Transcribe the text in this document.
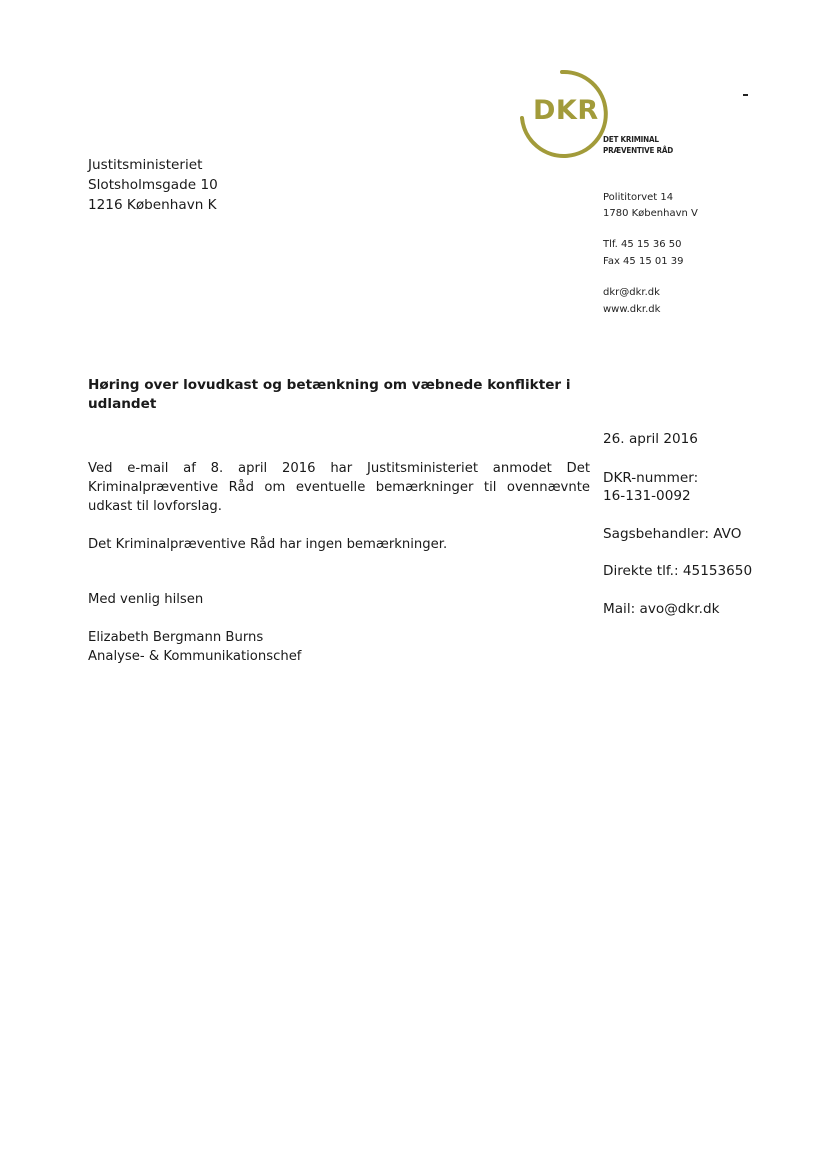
DKR
DET KRIMINAL
PRÆVENTIVE RÅD
Polititorvet 14
1780 København V
Tlf. 45 15 36 50
Fax 45 15 01 39
dkr@dkr.dk
www.dkr.dk
Justitsministeriet
Slotsholmsgade 10
1216 København K
Høring over lovudkast og betænkning om væbnede konflikter i udlandet
26. april 2016
DKR-nummer:
16-131-0092
Sagsbehandler: AVO
Direkte tlf.: 45153650
Mail: avo@dkr.dk
Ved e-mail af 8. april 2016 har Justitsministeriet anmodet Det Kriminalpræventive Råd om eventuelle bemærkninger til ovennævnte udkast til lovforslag.
Det Kriminalpræventive Råd har ingen bemærkninger.
Med venlig hilsen
Elizabeth Bergmann Burns
Analyse- & Kommunikationschef
